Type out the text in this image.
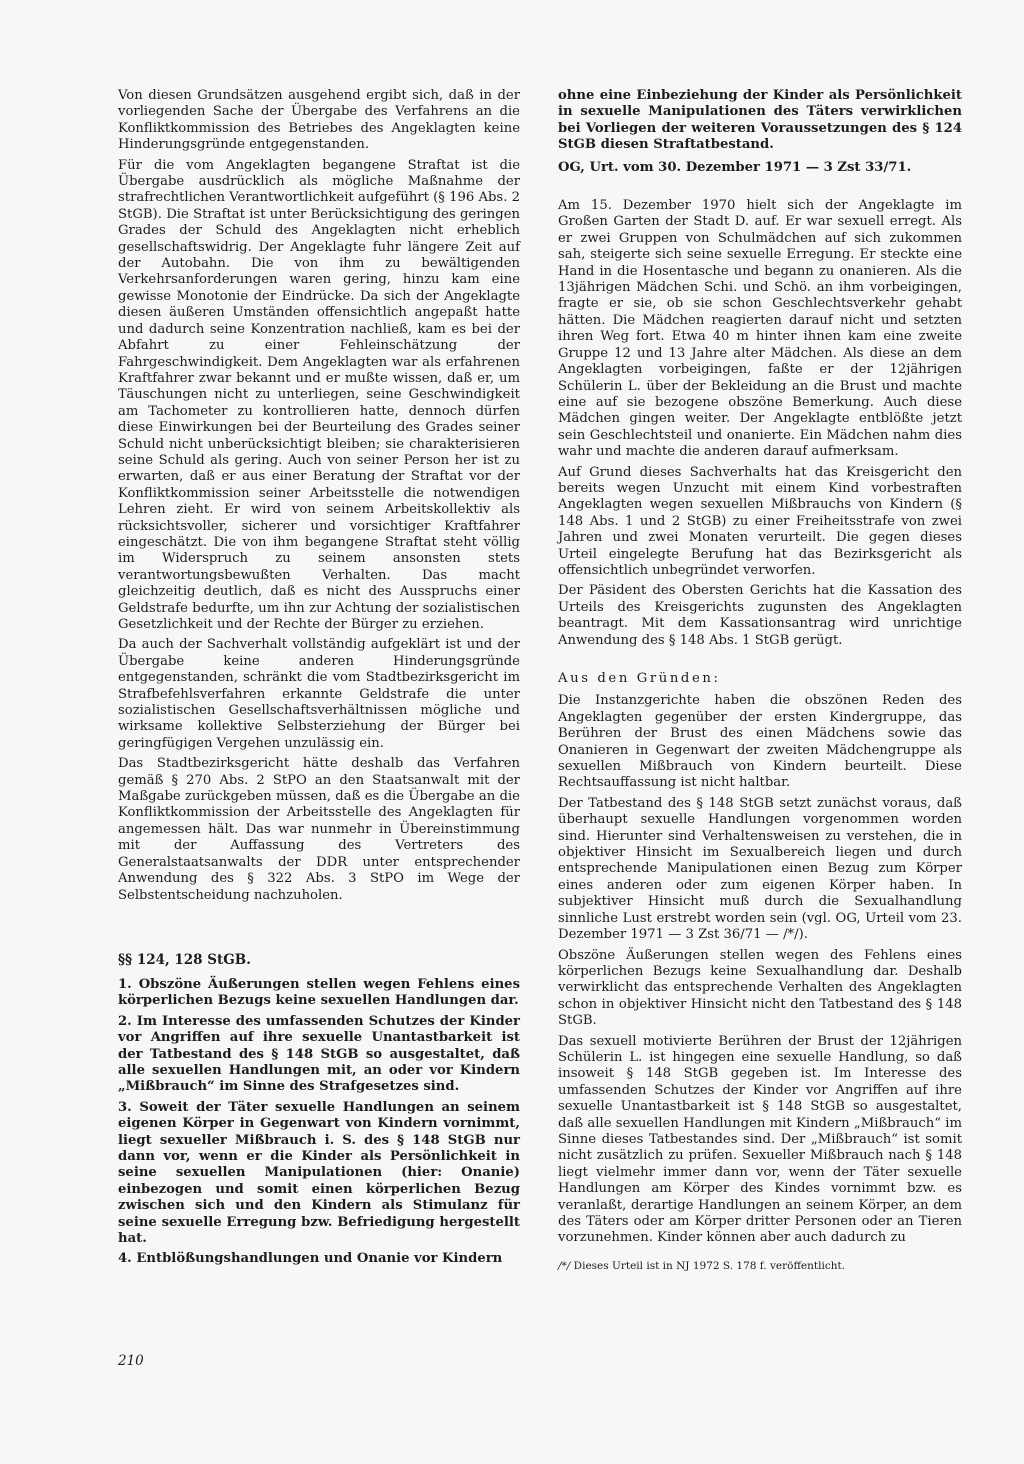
Von diesen Grundsätzen ausgehend ergibt sich, daß in der vorliegenden Sache der Übergabe des Verfahrens an die Konfliktkommission des Betriebes des Angeklagten keine Hinderungsgründe entgegenstanden.

Für die vom Angeklagten begangene Straftat ist die Übergabe ausdrücklich als mögliche Maßnahme der strafrechtlichen Verantwortlichkeit aufgeführt (§ 196 Abs. 2 StGB). Die Straftat ist unter Berücksichtigung des geringen Grades der Schuld des Angeklagten nicht erheblich gesellschaftswidrig. Der Angeklagte fuhr längere Zeit auf der Autobahn. Die von ihm zu bewältigenden Verkehrsanforderungen waren gering, hinzu kam eine gewisse Monotonie der Eindrücke. Da sich der Angeklagte diesen äußeren Umständen offensichtlich angepaßt hatte und dadurch seine Konzentration nachließ, kam es bei der Abfahrt zu einer Fehleinschätzung der Fahrgeschwindigkeit. Dem Angeklagten war als erfahrenen Kraftfahrer zwar bekannt und er mußte wissen, daß er, um Täuschungen nicht zu unterliegen, seine Geschwindigkeit am Tachometer zu kontrollieren hatte, dennoch dürfen diese Einwirkungen bei der Beurteilung des Grades seiner Schuld nicht unberücksichtigt bleiben; sie charakterisieren seine Schuld als gering. Auch von seiner Person her ist zu erwarten, daß er aus einer Beratung der Straftat vor der Konfliktkommission seiner Arbeitsstelle die notwendigen Lehren zieht. Er wird von seinem Arbeitskollektiv als rücksichtsvoller, sicherer und vorsichtiger Kraftfahrer eingeschätzt. Die von ihm begangene Straftat steht völlig im Widerspruch zu seinem ansonsten stets verantwortungsbewußten Verhalten. Das macht gleichzeitig deutlich, daß es nicht des Ausspruchs einer Geldstrafe bedurfte, um ihn zur Achtung der sozialistischen Gesetzlichkeit und der Rechte der Bürger zu erziehen.

Da auch der Sachverhalt vollständig aufgeklärt ist und der Übergabe keine anderen Hinderungsgründe entgegenstanden, schränkt die vom Stadtbezirksgericht im Strafbefehlsverfahren erkannte Geldstrafe die unter sozialistischen Gesellschaftsverhältnissen mögliche und wirksame kollektive Selbsterziehung der Bürger bei geringfügigen Vergehen unzulässig ein.

Das Stadtbezirksgericht hätte deshalb das Verfahren gemäß § 270 Abs. 2 StPO an den Staatsanwalt mit der Maßgabe zurückgeben müssen, daß es die Übergabe an die Konfliktkommission der Arbeitsstelle des Angeklagten für angemessen hält. Das war nunmehr in Übereinstimmung mit der Auffassung des Vertreters des Generalstaatsanwalts der DDR unter entsprechender Anwendung des § 322 Abs. 3 StPO im Wege der Selbstentscheidung nachzuholen.

§§ 124, 128 StGB.

1. Obszöne Äußerungen stellen wegen Fehlens eines körperlichen Bezugs keine sexuellen Handlungen dar.

2. Im Interesse des umfassenden Schutzes der Kinder vor Angriffen auf ihre sexuelle Unantastbarkeit ist der Tatbestand des § 148 StGB so ausgestaltet, daß alle sexuellen Handlungen mit, an oder vor Kindern „Mißbrauch“ im Sinne des Strafgesetzes sind.

3. Soweit der Täter sexuelle Handlungen an seinem eigenen Körper in Gegenwart von Kindern vornimmt, liegt sexueller Mißbrauch i. S. des § 148 StGB nur dann vor, wenn er die Kinder als Persönlichkeit in seine sexuellen Manipulationen (hier: Onanie) einbezogen und somit einen körperlichen Bezug zwischen sich und den Kindern als Stimulanz für seine sexuelle Erregung bzw. Befriedigung hergestellt hat.

4. Entblößungshandlungen und Onanie vor Kindern

ohne eine Einbeziehung der Kinder als Persönlichkeit in sexuelle Manipulationen des Täters verwirklichen bei Vorliegen der weiteren Voraussetzungen des § 124 StGB diesen Straftatbestand.

OG, Urt. vom 30. Dezember 1971 — 3 Zst 33/71.

Am 15. Dezember 1970 hielt sich der Angeklagte im Großen Garten der Stadt D. auf. Er war sexuell erregt. Als er zwei Gruppen von Schulmädchen auf sich zukommen sah, steigerte sich seine sexuelle Erregung. Er steckte eine Hand in die Hosentasche und begann zu onanieren. Als die 13jährigen Mädchen Schi. und Schö. an ihm vorbeigingen, fragte er sie, ob sie schon Geschlechtsverkehr gehabt hätten. Die Mädchen reagierten darauf nicht und setzten ihren Weg fort. Etwa 40 m hinter ihnen kam eine zweite Gruppe 12 und 13 Jahre alter Mädchen. Als diese an dem Angeklagten vorbeigingen, faßte er der 12jährigen Schülerin L. über der Bekleidung an die Brust und machte eine auf sie bezogene obszöne Bemerkung. Auch diese Mädchen gingen weiter. Der Angeklagte entblößte jetzt sein Geschlechtsteil und onanierte. Ein Mädchen nahm dies wahr und machte die anderen darauf aufmerksam.

Auf Grund dieses Sachverhalts hat das Kreisgericht den bereits wegen Unzucht mit einem Kind vorbestraften Angeklagten wegen sexuellen Mißbrauchs von Kindern (§ 148 Abs. 1 und 2 StGB) zu einer Freiheitsstrafe von zwei Jahren und zwei Monaten verurteilt. Die gegen dieses Urteil eingelegte Berufung hat das Bezirksgericht als offensichtlich unbegründet verworfen.

Der Päsident des Obersten Gerichts hat die Kassation des Urteils des Kreisgerichts zugunsten des Angeklagten beantragt. Mit dem Kassationsantrag wird unrichtige Anwendung des § 148 Abs. 1 StGB gerügt.

Aus den Gründen:

Die Instanzgerichte haben die obszönen Reden des Angeklagten gegenüber der ersten Kindergruppe, das Berühren der Brust des einen Mädchens sowie das Onanieren in Gegenwart der zweiten Mädchengruppe als sexuellen Mißbrauch von Kindern beurteilt. Diese Rechtsauffassung ist nicht haltbar.

Der Tatbestand des § 148 StGB setzt zunächst voraus, daß überhaupt sexuelle Handlungen vorgenommen worden sind. Hierunter sind Verhaltensweisen zu verstehen, die in objektiver Hinsicht im Sexualbereich liegen und durch entsprechende Manipulationen einen Bezug zum Körper eines anderen oder zum eigenen Körper haben. In subjektiver Hinsicht muß durch die Sexualhandlung sinnliche Lust erstrebt worden sein (vgl. OG, Urteil vom 23. Dezember 1971 — 3 Zst 36/71 — /*/).

Obszöne Äußerungen stellen wegen des Fehlens eines körperlichen Bezugs keine Sexualhandlung dar. Deshalb verwirklicht das entsprechende Verhalten des Angeklagten schon in objektiver Hinsicht nicht den Tatbestand des § 148 StGB.

Das sexuell motivierte Berühren der Brust der 12jährigen Schülerin L. ist hingegen eine sexuelle Handlung, so daß insoweit § 148 StGB gegeben ist. Im Interesse des umfassenden Schutzes der Kinder vor Angriffen auf ihre sexuelle Unantastbarkeit ist § 148 StGB so ausgestaltet, daß alle sexuellen Handlungen mit Kindern „Mißbrauch“ im Sinne dieses Tatbestandes sind. Der „Mißbrauch“ ist somit nicht zusätzlich zu prüfen. Sexueller Mißbrauch nach § 148 liegt vielmehr immer dann vor, wenn der Täter sexuelle Handlungen am Körper des Kindes vornimmt bzw. es veranlaßt, derartige Handlungen an seinem Körper, an dem des Täters oder am Körper dritter Personen oder an Tieren vorzunehmen. Kinder können aber auch dadurch zu

/*/ Dieses Urteil ist in NJ 1972 S. 178 f. veröffentlicht.

210
